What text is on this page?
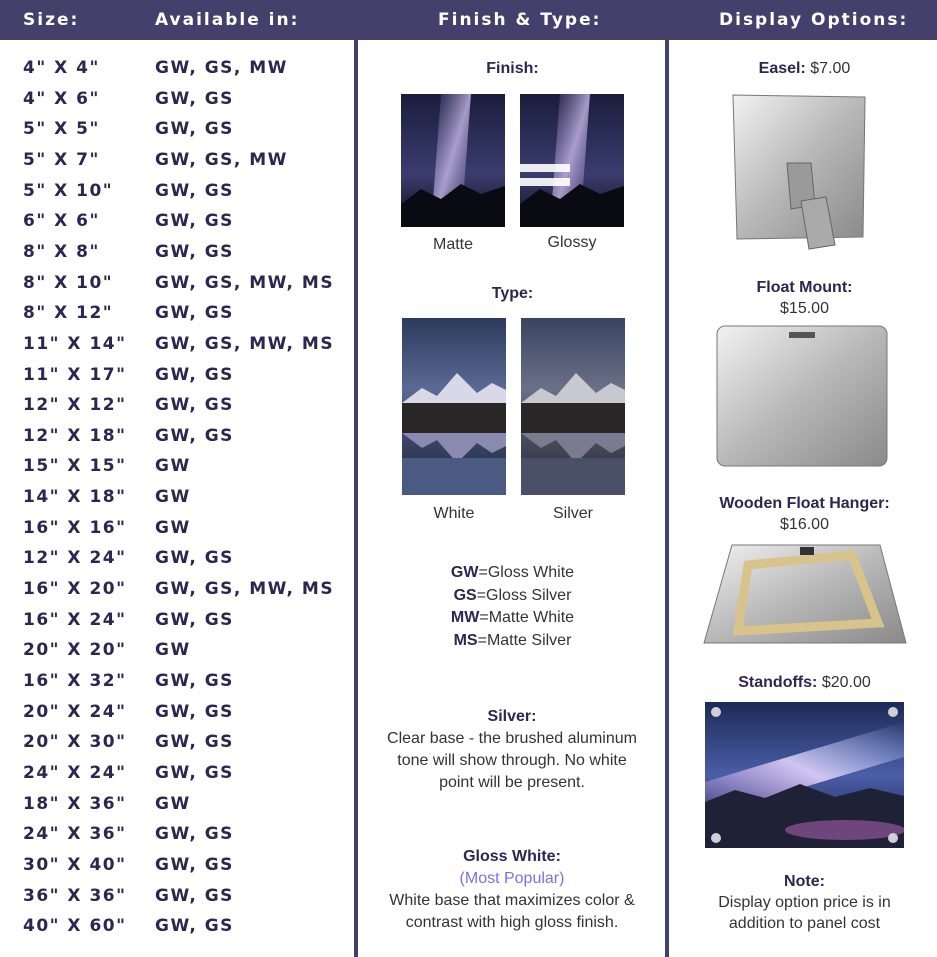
Size:	Available in:	Finish & Type:	Display Options:
4" X 4"	GW, GS, MW
4" X 6"	GW, GS
5" X 5"	GW, GS
5" X 7"	GW, GS, MW
5" X 10" GW, GS
6" X 6"	GW, GS
8" X 8"	GW, GS
8" X 10" GW, GS, MW, MS
8" X 12" GW, GS
11" X 14" GW, GS, MW, MS
11" X 17" GW, GS
12" X 12" GW, GS
12" X 18" GW, GS
15" X 15" GW
14" X 18" GW
16" X 16" GW
12" X 24" GW, GS
16" X 20" GW, GS, MW, MS
16" X 24" GW, GS
20" X 20" GW
16" X 32" GW, GS
20" X 24" GW, GS
20" X 30" GW, GS
24" X 24" GW, GS
18" X 36" GW
24" X 36" GW, GS
30" X 40" GW, GS
36" X 36" GW, GS
40" X 60" GW, GS
Finish:
Matte	Glossy
Type:
White	Silver
GW=Gloss White
GS=Gloss Silver
MW=Matte White
MS=Matte Silver
Silver:
Clear base - the brushed aluminum
tone will show through. No white
point will be present.
Gloss White:
(Most Popular)
White base that maximizes color &
contrast with high gloss finish.
Easel: $7.00
Float Mount:
$15.00
Wooden Float Hanger:
$16.00
Standoffs: $20.00
Note:
Display option price is in
addition to panel cost
